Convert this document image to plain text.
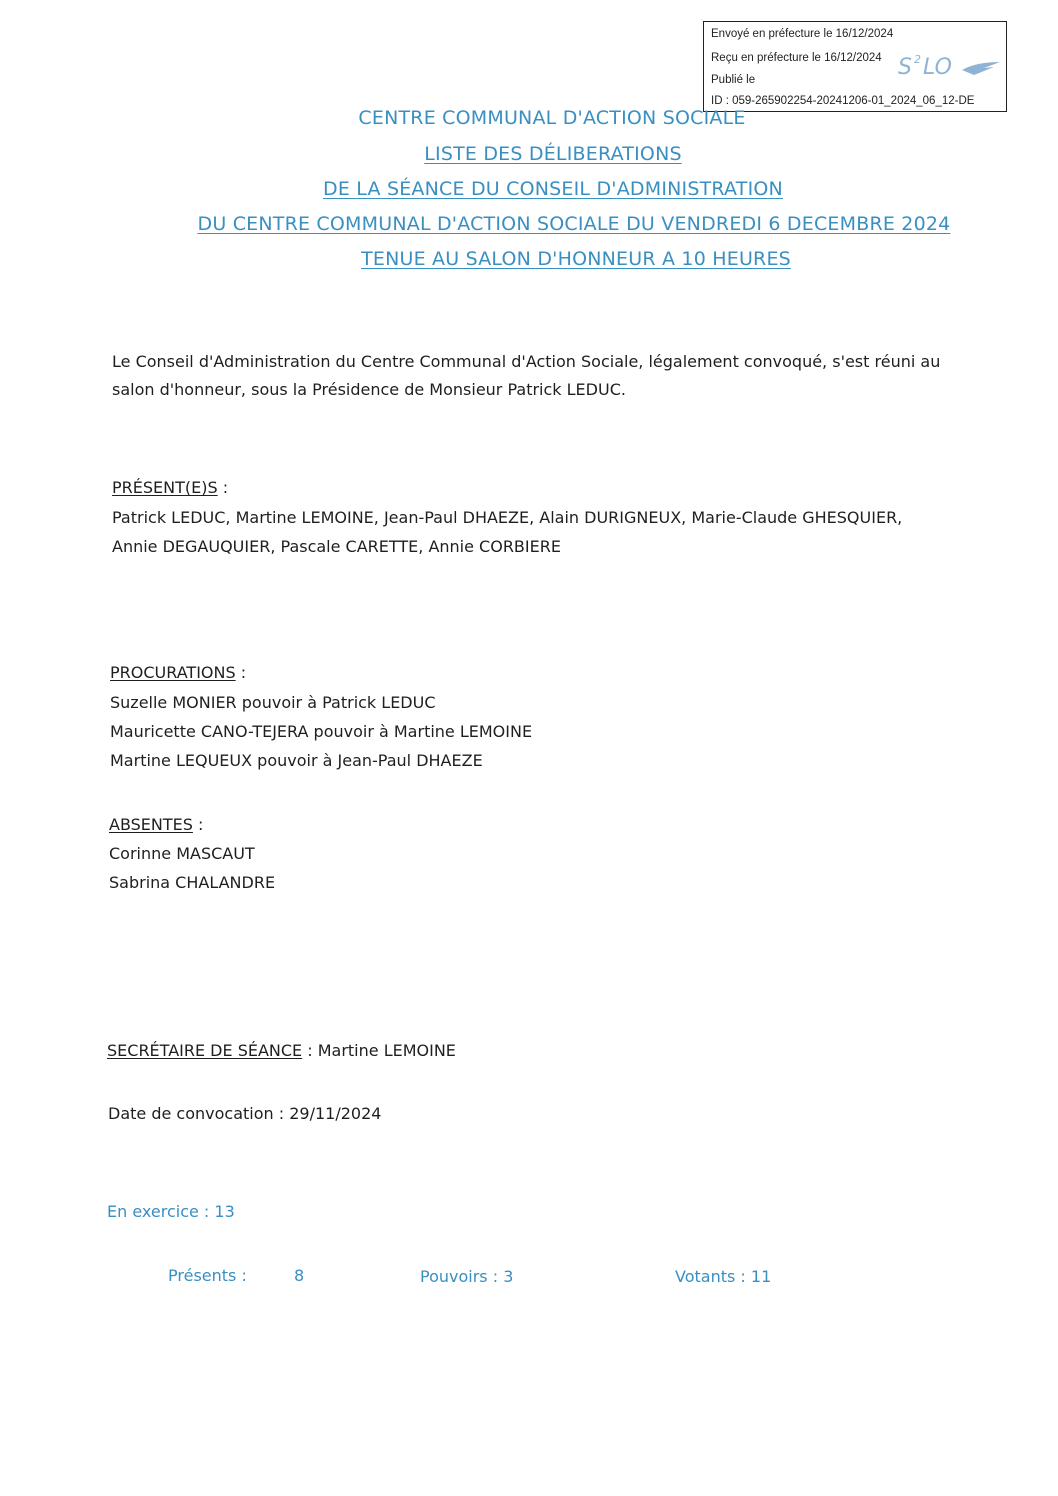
Envoyé en préfecture le 16/12/2024
Reçu en préfecture le 16/12/2024
Publié le
ID : 059-265902254-20241206-01_2024_06_12-DE
S 2 LO
CENTRE COMMUNAL D'ACTION SOCIALE
LISTE DES DÉLIBERATIONS
DE LA SÉANCE DU CONSEIL D'ADMINISTRATION
DU CENTRE COMMUNAL D'ACTION SOCIALE DU VENDREDI 6 DECEMBRE 2024
TENUE AU SALON D'HONNEUR A 10 HEURES
Le Conseil d'Administration du Centre Communal d'Action Sociale, légalement convoqué, s'est réuni au
salon d'honneur, sous la Présidence de Monsieur Patrick LEDUC.
PRÉSENT(E)S :
Patrick LEDUC, Martine LEMOINE, Jean-Paul DHAEZE, Alain DURIGNEUX, Marie-Claude GHESQUIER,
Annie DEGAUQUIER, Pascale CARETTE, Annie CORBIERE
PROCURATIONS :
Suzelle MONIER pouvoir à Patrick LEDUC
Mauricette CANO-TEJERA pouvoir à Martine LEMOINE
Martine LEQUEUX pouvoir à Jean-Paul DHAEZE
ABSENTES :
Corinne MASCAUT
Sabrina CHALANDRE
SECRÉTAIRE DE SÉANCE : Martine LEMOINE
Date de convocation : 29/11/2024
En exercice : 13
Présents :	8	Pouvoirs : 3	Votants : 11
